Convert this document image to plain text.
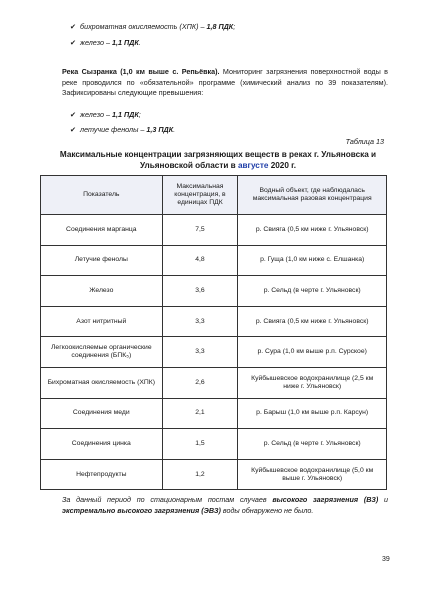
✔ бихроматная окисляемость (ХПК) – 1,8 ПДК;
✔ железо – 1,1 ПДК.
Река Сызранка (1,0 км выше с. Репьёвка). Мониторинг загрязнения поверхностной воды в реке проводился по «обязательной» программе (химический анализ по 39 показателям). Зафиксированы следующие превышения:
✔ железо – 1,1 ПДК;
✔ летучие фенолы – 1,3 ПДК.
Таблица 13
Максимальные концентрации загрязняющих веществ в реках г. Ульяновска и Ульяновской области в августе 2020 г.
Показатель	Максимальная концентрация, в единицах ПДК	Водный объект, где наблюдалась максимальная разовая концентрация
Соединения марганца	7,5	р. Свияга (0,5 км ниже г. Ульяновск)
Летучие фенолы	4,8	р. Гуща (1,0 км ниже с. Елшанка)
Железо	3,6	р. Сельд (в черте г. Ульяновск)
Азот нитритный	3,3	р. Свияга (0,5 км ниже г. Ульяновск)
Легкоокисляемые органические соединения (БПК₅)	3,3	р. Сура (1,0 км выше р.п. Сурское)
Бихроматная окисляемость (ХПК)	2,6	Куйбышевское водохранилище (2,5 км ниже г. Ульяновск)
Соединения меди	2,1	р. Барыш (1,0 км выше р.п. Карсун)
Соединения цинка	1,5	р. Сельд (в черте г. Ульяновск)
Нефтепродукты	1,2	Куйбышевское водохранилище (5,0 км выше г. Ульяновск)
За данный период по стационарным постам случаев высокого загрязнения (ВЗ) и экстремально высокого загрязнения (ЭВЗ) воды обнаружено не было.
39
